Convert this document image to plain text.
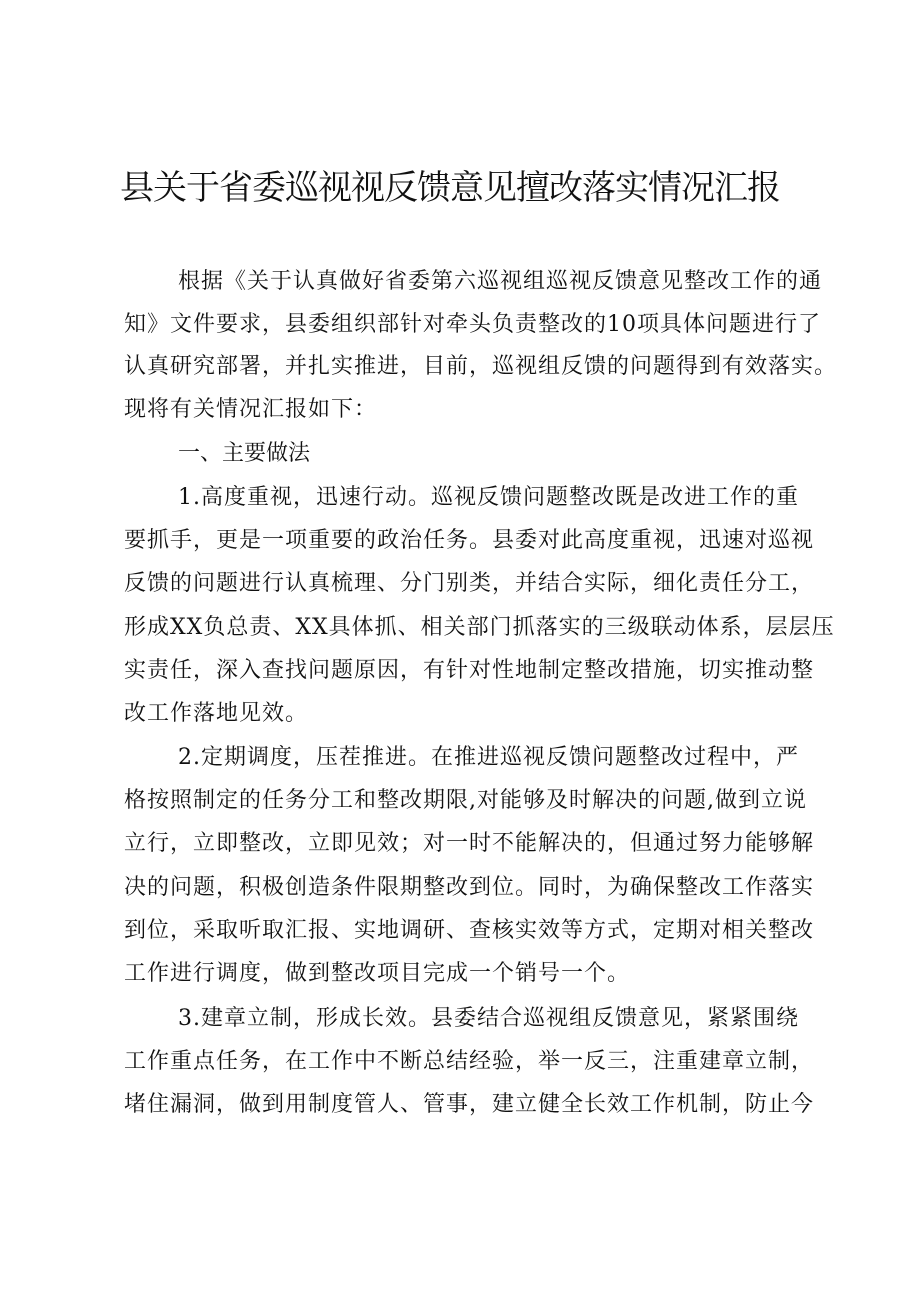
县关于省委巡视视反馈意见擅改落实情况汇报
根据《关于认真做好省委第六巡视组巡视反馈意见整改工作的通
知》文件要求，县委组织部针对牵头负责整改的10项具体问题进行了
认真研究部署，并扎实推进，目前，巡视组反馈的问题得到有效落实。
现将有关情况汇报如下：
一、主要做法
1.高度重视，迅速行动。巡视反馈问题整改既是改进工作的重
要抓手，更是一项重要的政治任务。县委对此高度重视，迅速对巡视
反馈的问题进行认真梳理、分门别类，并结合实际，细化责任分工，
形成XX负总责、XX具体抓、相关部门抓落实的三级联动体系，层层压
实责任，深入查找问题原因，有针对性地制定整改措施，切实推动整
改工作落地见效。
2.定期调度，压茬推进。在推进巡视反馈问题整改过程中，严
格按照制定的任务分工和整改期限,对能够及时解决的问题,做到立说
立行，立即整改，立即见效；对一时不能解决的，但通过努力能够解
决的问题，积极创造条件限期整改到位。同时，为确保整改工作落实
到位，采取听取汇报、实地调研、查核实效等方式，定期对相关整改
工作进行调度，做到整改项目完成一个销号一个。
3.建章立制，形成长效。县委结合巡视组反馈意见，紧紧围绕
工作重点任务，在工作中不断总结经验，举一反三，注重建章立制，
堵住漏洞，做到用制度管人、管事，建立健全长效工作机制，防止今
